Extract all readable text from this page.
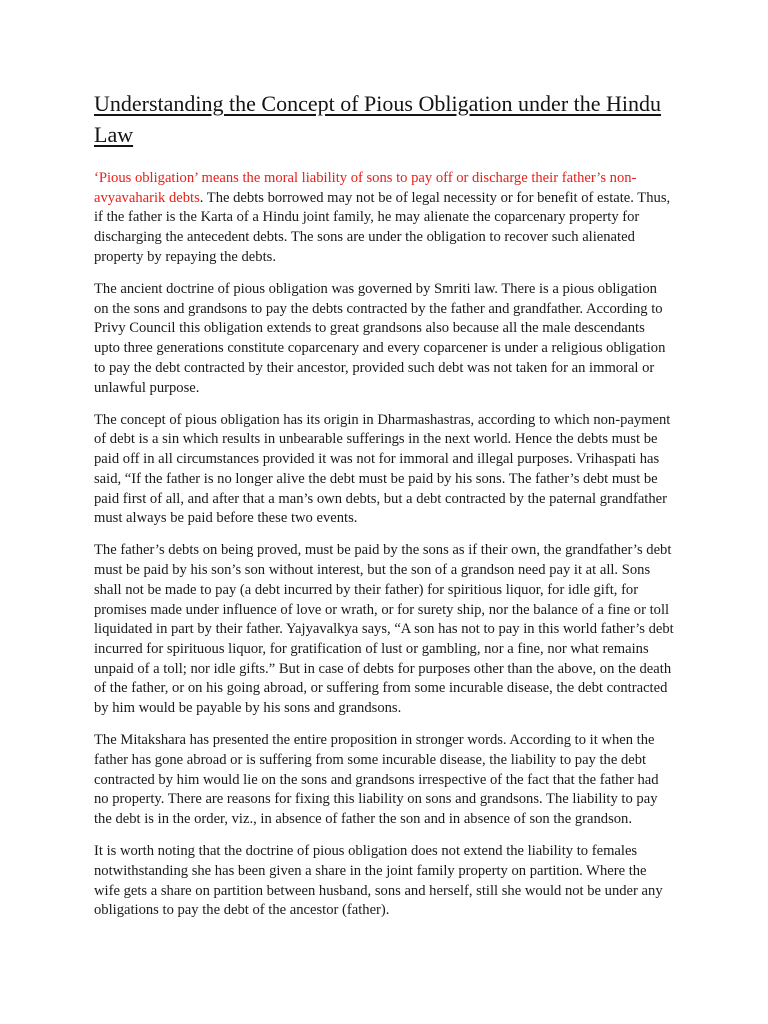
Understanding the Concept of Pious Obligation under the Hindu Law

‘Pious obligation’ means the moral liability of sons to pay off or discharge their father’s non-avyavaharik debts. The debts borrowed may not be of legal necessity or for benefit of estate. Thus, if the father is the Karta of a Hindu joint family, he may alienate the coparcenary property for discharging the antecedent debts. The sons are under the obligation to recover such alienated property by repaying the debts.

The ancient doctrine of pious obligation was governed by Smriti law. There is a pious obligation on the sons and grandsons to pay the debts contracted by the father and grandfather. According to Privy Council this obligation extends to great grandsons also because all the male descendants upto three generations constitute coparcenary and every coparcener is under a religious obligation to pay the debt contracted by their ancestor, provided such debt was not taken for an immoral or unlawful purpose.

The concept of pious obligation has its origin in Dharmashastras, according to which non-payment of debt is a sin which results in unbearable sufferings in the next world. Hence the debts must be paid off in all circumstances provided it was not for immoral and illegal purposes. Vrihaspati has said, “If the father is no longer alive the debt must be paid by his sons. The father’s debt must be paid first of all, and after that a man’s own debts, but a debt contracted by the paternal grandfather must always be paid before these two events.

The father’s debts on being proved, must be paid by the sons as if their own, the grandfather’s debt must be paid by his son’s son without interest, but the son of a grandson need pay it at all. Sons shall not be made to pay (a debt incurred by their father) for spiritious liquor, for idle gift, for promises made under influence of love or wrath, or for surety ship, nor the balance of a fine or toll liquidated in part by their father. Yajyavalkya says, “A son has not to pay in this world father’s debt incurred for spirituous liquor, for gratification of lust or gambling, nor a fine, nor what remains unpaid of a toll; nor idle gifts.” But in case of debts for purposes other than the above, on the death of the father, or on his going abroad, or suffering from some incurable disease, the debt contracted by him would be payable by his sons and grandsons.

The Mitakshara has presented the entire proposition in stronger words. According to it when the father has gone abroad or is suffering from some incurable disease, the liability to pay the debt contracted by him would lie on the sons and grandsons irrespective of the fact that the father had no property. There are reasons for fixing this liability on sons and grandsons. The liability to pay the debt is in the order, viz., in absence of father the son and in absence of son the grandson.

It is worth noting that the doctrine of pious obligation does not extend the liability to females notwithstanding she has been given a share in the joint family property on partition. Where the wife gets a share on partition between husband, sons and herself, still she would not be under any obligations to pay the debt of the ancestor (father).
